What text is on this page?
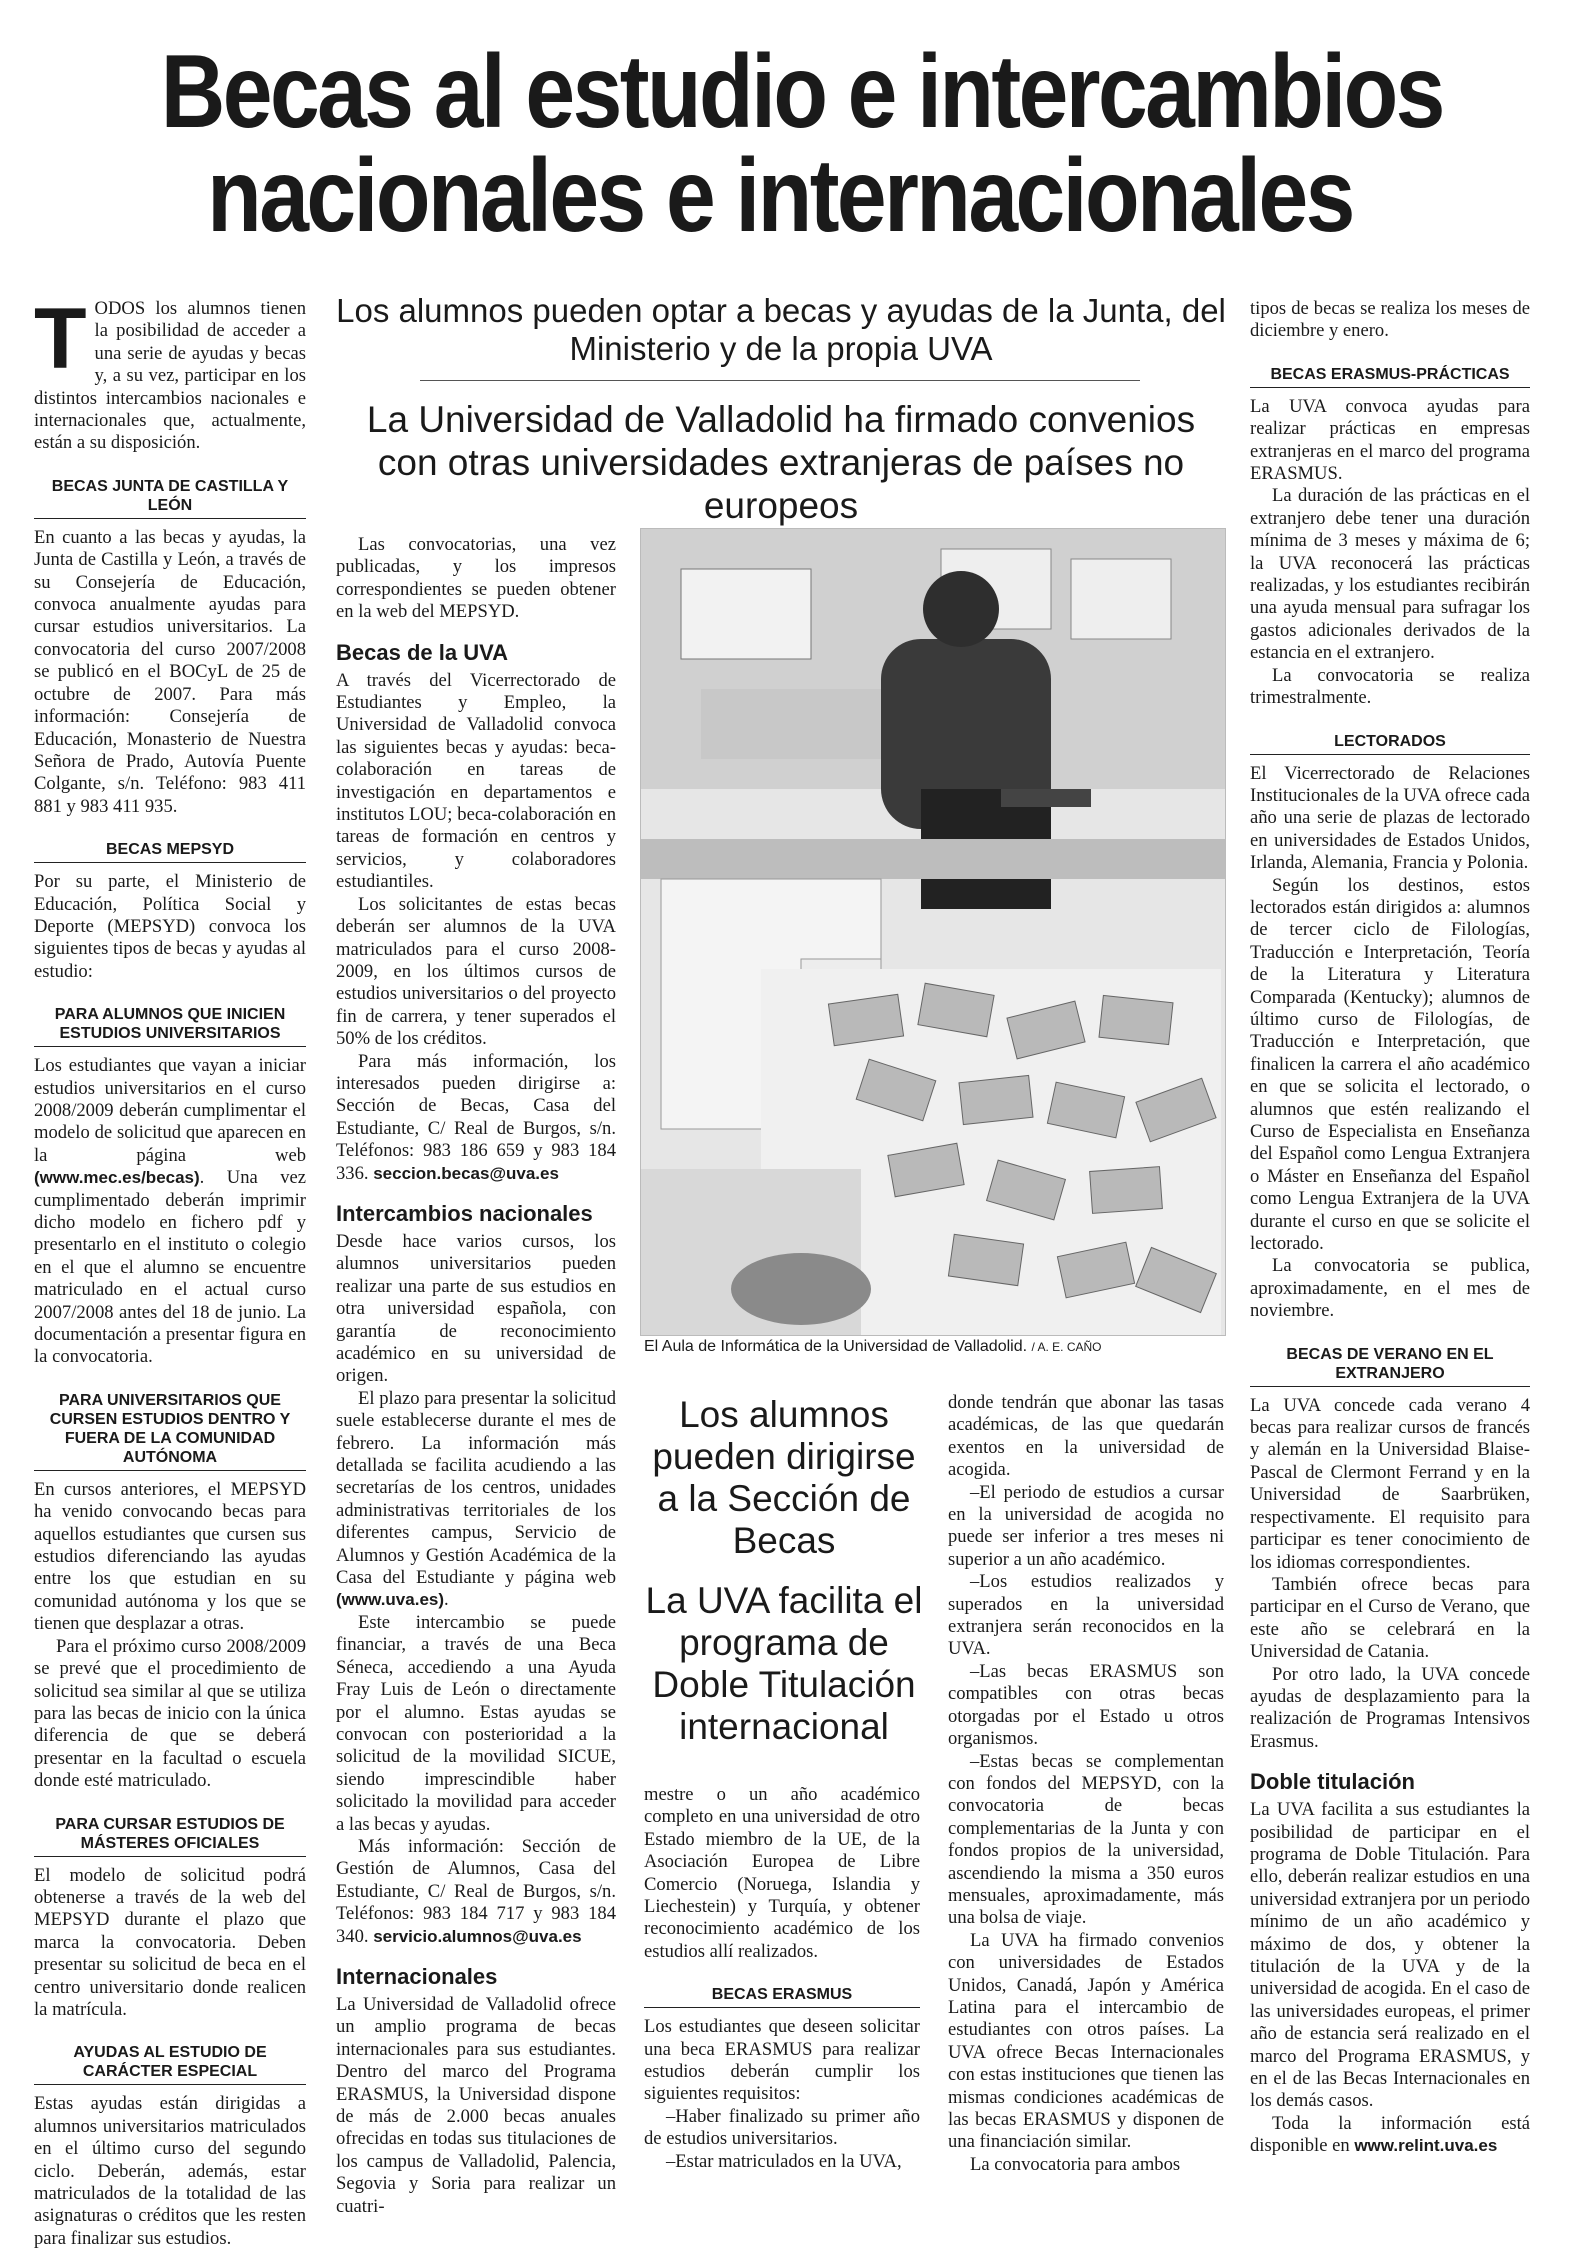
Becas al estudio e intercambios
nacionales e internacionales
Los alumnos pueden optar a becas y ayudas de la Junta, del Ministerio y de la propia UVA
La Universidad de Valladolid ha firmado convenios con otras universidades extranjeras de países no europeos
T ODOS los alumnos tienen la posibilidad de acceder a una serie de ayudas y becas y, a su vez, participar en los distintos intercambios nacionales e internacionales que, actualmente, están a su disposición.

BECAS JUNTA DE CASTILLA Y LEÓN

En cuanto a las becas y ayudas, la Junta de Castilla y León, a través de su Consejería de Educación, convoca anualmente ayudas para cursar estudios universitarios. La convocatoria del curso 2007/2008 se publicó en el BOCyL de 25 de octubre de 2007. Para más información: Consejería de Educación, Monasterio de Nuestra Señora de Prado, Autovía Puente Colgante, s/n. Teléfono: 983 411 881 y 983 411 935.

BECAS MEPSYD

Por su parte, el Ministerio de Educación, Política Social y Deporte (MEPSYD) convoca los siguientes tipos de becas y ayudas al estudio:

PARA ALUMNOS QUE INICIEN ESTUDIOS UNIVERSITARIOS

Los estudiantes que vayan a iniciar estudios universitarios en el curso 2008/2009 deberán cumplimentar el modelo de solicitud que aparecen en la página web (www.mec.es/becas). Una vez cumplimentado deberán imprimir dicho modelo en fichero pdf y presentarlo en el instituto o colegio en el que el alumno se encuentre matriculado en el actual curso 2007/2008 antes del 18 de junio. La documentación a presentar figura en la convocatoria.

PARA UNIVERSITARIOS QUE CURSEN ESTUDIOS DENTRO Y FUERA DE LA COMUNIDAD AUTÓNOMA

En cursos anteriores, el MEPSYD ha venido convocando becas para aquellos estudiantes que cursen sus estudios diferenciando las ayudas entre los que estudian en su comunidad autónoma y los que se tienen que desplazar a otras.

Para el próximo curso 2008/2009 se prevé que el procedimiento de solicitud sea similar al que se utiliza para las becas de inicio con la única diferencia de que se deberá presentar en la facultad o escuela donde esté matriculado.

PARA CURSAR ESTUDIOS DE MÁSTERES OFICIALES

El modelo de solicitud podrá obtenerse a través de la web del MEPSYD durante el plazo que marca la convocatoria. Deben presentar su solicitud de beca en el centro universitario donde realicen la matrícula.

AYUDAS AL ESTUDIO DE CARÁCTER ESPECIAL

Estas ayudas están dirigidas a alumnos universitarios matriculados en el último curso del segundo ciclo. Deberán, además, estar matriculados de la totalidad de las asignaturas o créditos que les resten para finalizar sus estudios.

Las convocatorias, una vez publicadas, y los impresos correspondientes se pueden obtener en la web del MEPSYD.

Becas de la UVA

A través del Vicerrectorado de Estudiantes y Empleo, la Universidad de Valladolid convoca las siguientes becas y ayudas: beca-colaboración en tareas de investigación en departamentos e institutos LOU; beca-colaboración en tareas de formación en centros y servicios, y colaboradores estudiantiles.

Los solicitantes de estas becas deberán ser alumnos de la UVA matriculados para el curso 2008-2009, en los últimos cursos de estudios universitarios o del proyecto fin de carrera, y tener superados el 50% de los créditos.

Para más información, los interesados pueden dirigirse a: Sección de Becas, Casa del Estudiante, C/ Real de Burgos, s/n. Teléfonos: 983 186 659 y 983 184 336. seccion.becas@uva.es

Intercambios nacionales

Desde hace varios cursos, los alumnos universitarios pueden realizar una parte de sus estudios en otra universidad española, con garantía de reconocimiento académico en su universidad de origen.

El plazo para presentar la solicitud suele establecerse durante el mes de febrero. La información más detallada se facilita acudiendo a las secretarías de los centros, unidades administrativas territoriales de los diferentes campus, Servicio de Alumnos y Gestión Académica de la Casa del Estudiante y página web (www.uva.es).

Este intercambio se puede financiar, a través de una Beca Séneca, accediendo a una Ayuda Fray Luis de León o directamente por el alumno. Estas ayudas se convocan con posterioridad a la solicitud de la movilidad SICUE, siendo imprescindible haber solicitado la movilidad para acceder a las becas y ayudas.

Más información: Sección de Gestión de Alumnos, Casa del Estudiante, C/ Real de Burgos, s/n. Teléfonos: 983 184 717 y 983 184 340. servicio.alumnos@uva.es

Internacionales

La Universidad de Valladolid ofrece un amplio programa de becas internacionales para sus estudiantes. Dentro del marco del Programa ERASMUS, la Universidad dispone de más de 2.000 becas anuales ofrecidas en todas sus titulaciones de los campus de Valladolid, Palencia, Segovia y Soria para realizar un cuatri-

El Aula de Informática de la Universidad de Valladolid. / A. E. CAÑO
Los alumnos pueden dirigirse a la Sección de Becas
La UVA facilita el programa de Doble Titulación internacional

mestre o un año académico completo en una universidad de otro Estado miembro de la UE, de la Asociación Europea de Libre Comercio (Noruega, Islandia y Liechestein) y Turquía, y obtener reconocimiento académico de los estudios allí realizados.

BECAS ERASMUS

Los estudiantes que deseen solicitar una beca ERASMUS para realizar estudios deberán cumplir los siguientes requisitos:

–Haber finalizado su primer año de estudios universitarios.

–Estar matriculados en la UVA,

donde tendrán que abonar las tasas académicas, de las que quedarán exentos en la universidad de acogida.

–El periodo de estudios a cursar en la universidad de acogida no puede ser inferior a tres meses ni superior a un año académico.

–Los estudios realizados y superados en la universidad extranjera serán reconocidos en la UVA.

–Las becas ERASMUS son compatibles con otras becas otorgadas por el Estado u otros organismos.

–Estas becas se complementan con fondos del MEPSYD, con la convocatoria de becas complementarias de la Junta y con fondos propios de la universidad, ascendiendo la misma a 350 euros mensuales, aproximadamente, más una bolsa de viaje.

La UVA ha firmado convenios con universidades de Estados Unidos, Canadá, Japón y América Latina para el intercambio de estudiantes con otros países. La UVA ofrece Becas Internacionales con estas instituciones que tienen las mismas condiciones académicas de las becas ERASMUS y disponen de una financiación similar.

La convocatoria para ambos

tipos de becas se realiza los meses de diciembre y enero.

BECAS ERASMUS-PRÁCTICAS

La UVA convoca ayudas para realizar prácticas en empresas extranjeras en el marco del programa ERASMUS.

La duración de las prácticas en el extranjero debe tener una duración mínima de 3 meses y máxima de 6; la UVA reconocerá las prácticas realizadas, y los estudiantes recibirán una ayuda mensual para sufragar los gastos adicionales derivados de la estancia en el extranjero.

La convocatoria se realiza trimestralmente.

LECTORADOS

El Vicerrectorado de Relaciones Institucionales de la UVA ofrece cada año una serie de plazas de lectorado en universidades de Estados Unidos, Irlanda, Alemania, Francia y Polonia.

Según los destinos, estos lectorados están dirigidos a: alumnos de tercer ciclo de Filologías, Traducción e Interpretación, Teoría de la Literatura y Literatura Comparada (Kentucky); alumnos de último curso de Filologías, de Traducción e Interpretación, que finalicen la carrera el año académico en que se solicita el lectorado, o alumnos que estén realizando el Curso de Especialista en Enseñanza del Español como Lengua Extranjera o Máster en Enseñanza del Español como Lengua Extranjera de la UVA durante el curso en que se solicite el lectorado.

La convocatoria se publica, aproximadamente, en el mes de noviembre.

BECAS DE VERANO EN EL EXTRANJERO

La UVA concede cada verano 4 becas para realizar cursos de francés y alemán en la Universidad Blaise-Pascal de Clermont Ferrand y en la Universidad de Saarbrüken, respectivamente. El requisito para participar es tener conocimiento de los idiomas correspondientes.

También ofrece becas para participar en el Curso de Verano, que este año se celebrará en la Universidad de Catania.

Por otro lado, la UVA concede ayudas de desplazamiento para la realización de Programas Intensivos Erasmus.

Doble titulación

La UVA facilita a sus estudiantes la posibilidad de participar en el programa de Doble Titulación. Para ello, deberán realizar estudios en una universidad extranjera por un periodo mínimo de un año académico y máximo de dos, y obtener la titulación de la UVA y de la universidad de acogida. En el caso de las universidades europeas, el primer año de estancia será realizado en el marco del Programa ERASMUS, y en el de las Becas Internacionales en los demás casos.

Toda la información está disponible en www.relint.uva.es
